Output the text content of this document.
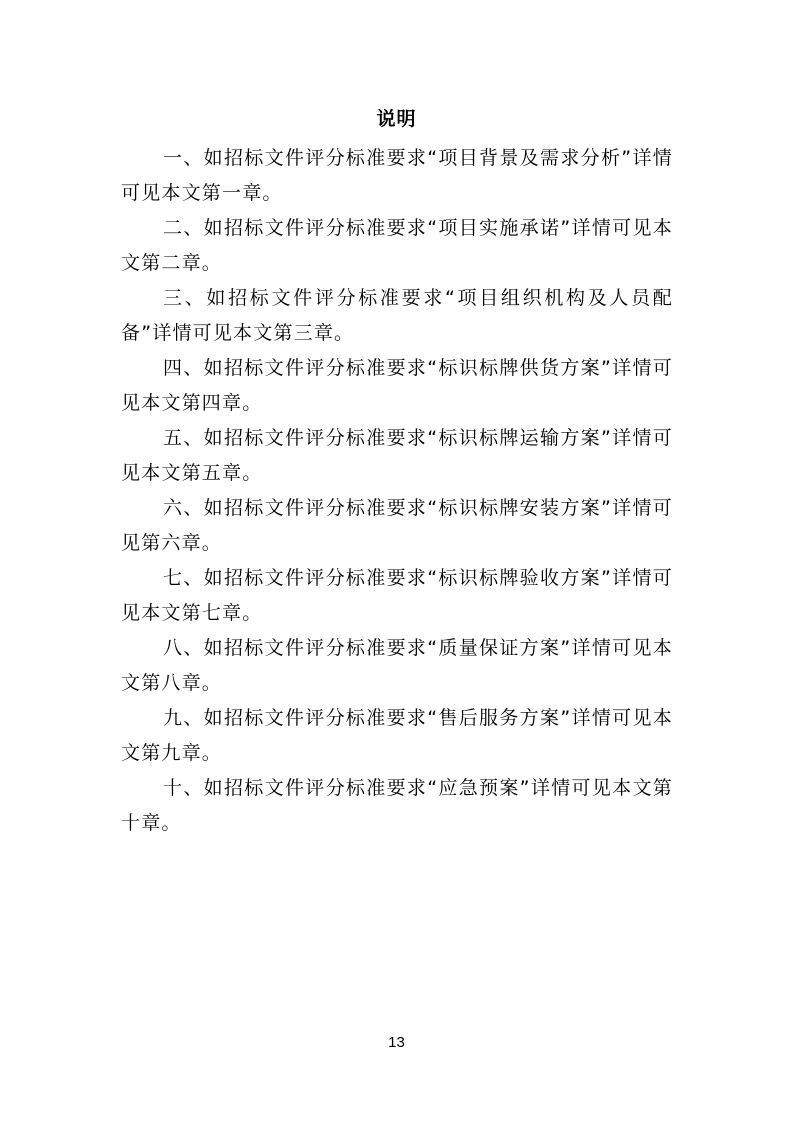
说明

一、如招标文件评分标准要求“项目背景及需求分析”详情可见本文第一章。

二、如招标文件评分标准要求“项目实施承诺”详情可见本文第二章。

三、如招标文件评分标准要求“项目组织机构及人员配备”详情可见本文第三章。

四、如招标文件评分标准要求“标识标牌供货方案”详情可见本文第四章。

五、如招标文件评分标准要求“标识标牌运输方案”详情可见本文第五章。

六、如招标文件评分标准要求“标识标牌安装方案”详情可见第六章。

七、如招标文件评分标准要求“标识标牌验收方案”详情可见本文第七章。

八、如招标文件评分标准要求“质量保证方案”详情可见本文第八章。

九、如招标文件评分标准要求“售后服务方案”详情可见本文第九章。

十、如招标文件评分标准要求“应急预案”详情可见本文第十章。

13
